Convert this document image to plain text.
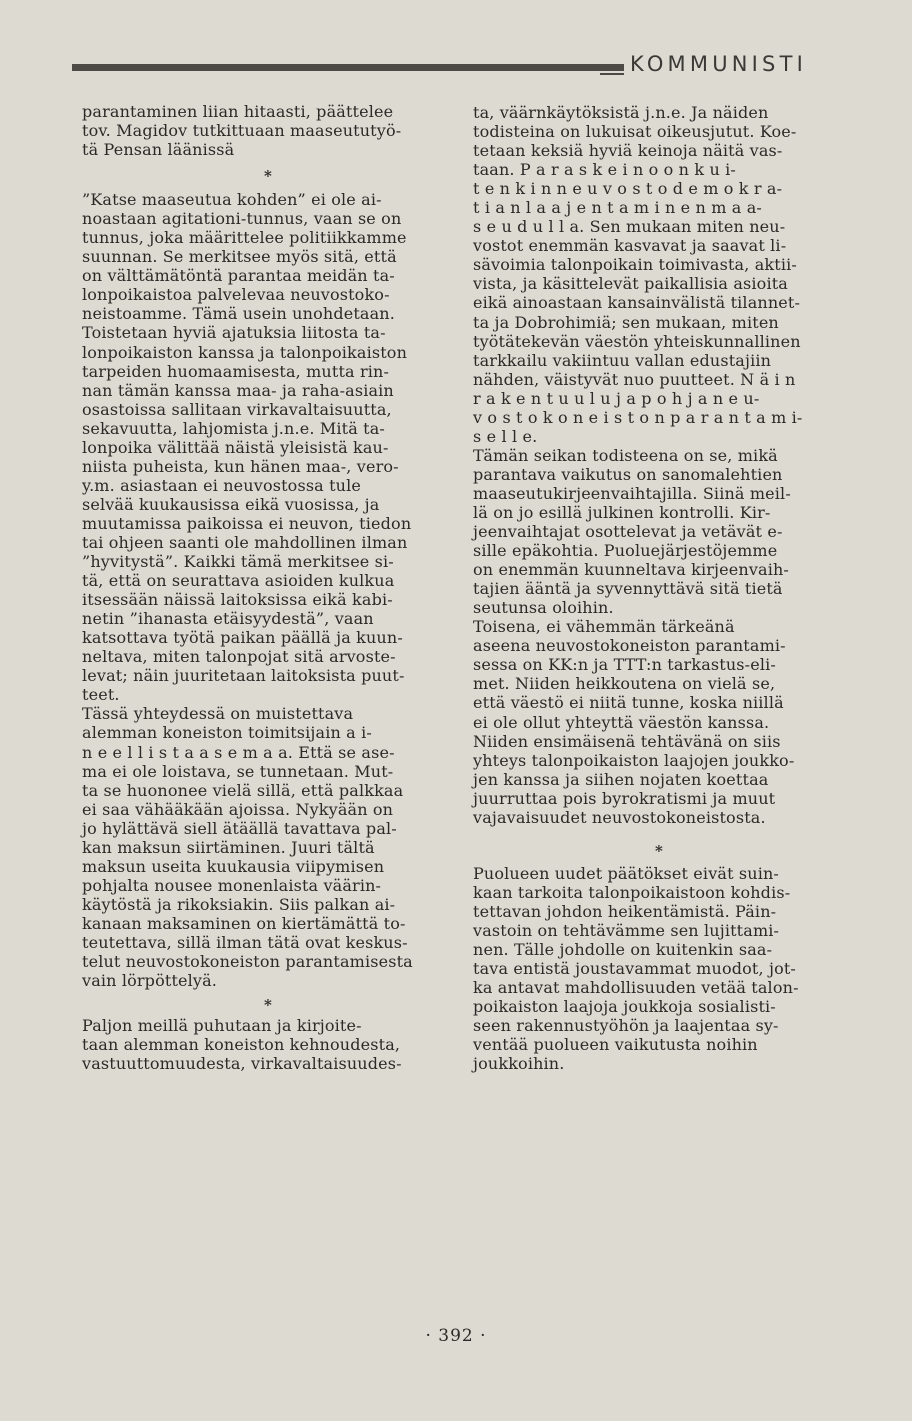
KOMMUNISTI

parantaminen liian hitaasti, päättelee
tov. Magidov tutkittuaan maaseututyö-
tä Pensan läänissä

*

”Katse maaseutua kohden” ei ole ai-
noastaan agitationi-tunnus, vaan se on
tunnus, joka määrittelee politiikkamme
suunnan. Se merkitsee myös sitä, että
on välttämätöntä parantaa meidän ta-
lonpoikaistoa palvelevaa neuvostoko-
neistoamme. Tämä usein unohdetaan.
Toistetaan hyviä ajatuksia liitosta ta-
lonpoikaiston kanssa ja talonpoikaiston
tarpeiden huomaamisesta, mutta rin-
nan tämän kanssa maa- ja raha-asiain
osastoissa sallitaan virkavaltaisuutta,
sekavuutta, lahjomista j.n.e. Mitä ta-
lonpoika välittää näistä yleisistä kau-
niista puheista, kun hänen maa-, vero-
y.m. asiastaan ei neuvostossa tule
selvää kuukausissa eikä vuosissa, ja
muutamissa paikoissa ei neuvon, tiedon
tai ohjeen saanti ole mahdollinen ilman
”hyvitystä”. Kaikki tämä merkitsee si-
tä, että on seurattava asioiden kulkua
itsessään näissä laitoksissa eikä kabi-
netin ”ihanasta etäisyydestä”, vaan
katsottava työtä paikan päällä ja kuun-
neltava, miten talonpojat sitä arvoste-
levat; näin juuritetaan laitoksista puut-
teet.

Tässä yhteydessä on muistettava
alemman koneiston toimitsijain a i-
n e e l l i s t a a s e m a a. Että se ase-
ma ei ole loistava, se tunnetaan. Mut-
ta se huononee vielä sillä, että palkkaa
ei saa vähääkään ajoissa. Nykyään on
jo hylättävä siell ätäällä tavattava pal-
kan maksun siirtäminen. Juuri tältä
maksun useita kuukausia viipymisen
pohjalta nousee monenlaista väärin-
käytöstä ja rikoksiakin. Siis palkan ai-
kanaan maksaminen on kiertämättä to-
teutettava, sillä ilman tätä ovat keskus-
telut neuvostokoneiston parantamisesta
vain lörpöttelyä.

*

Paljon meillä puhutaan ja kirjoite-
taan alemman koneiston kehnoudesta,
vastuuttomuudesta, virkavaltaisuudes-

ta, väärnkäytöksistä j.n.e. Ja näiden
todisteina on lukuisat oikeusjutut. Koe-
tetaan keksiä hyviä keinoja näitä vas-
taan. P a r a s k e i n o o n k u i-
t e n k i n n e u v o s t o d e m o k r a-
t i a n l a a j e n t a m i n e n m a a-
s e u d u l l a. Sen mukaan miten neu-
vostot enemmän kasvavat ja saavat li-
sävoimia talonpoikain toimivasta, aktii-
vista, ja käsittelevät paikallisia asioita
eikä ainoastaan kansainvälistä tilannet-
ta ja Dobrohimiä; sen mukaan, miten
työtätekevän väestön yhteiskunnallinen
tarkkailu vakiintuu vallan edustajiin
nähden, väistyvät nuo puutteet. N ä i n
r a k e n t u u l u j a p o h j a n e u-
v o s t o k o n e i s t o n p a r a n t a m i-
s e l l e.

Tämän seikan todisteena on se, mikä
parantava vaikutus on sanomalehtien
maaseutukirjeenvaihtajilla. Siinä meil-
lä on jo esillä julkinen kontrolli. Kir-
jeenvaihtajat osottelevat ja vetävät e-
sille epäkohtia. Puoluejärjestöjemme
on enemmän kuunneltava kirjeenvaih-
tajien ääntä ja syvennyttävä sitä tietä
seutunsa oloihin.

Toisena, ei vähemmän tärkeänä
aseena neuvostokoneiston parantami-
sessa on KK:n ja TTT:n tarkastus-eli-
met. Niiden heikkoutena on vielä se,
että väestö ei niitä tunne, koska niillä
ei ole ollut yhteyttä väestön kanssa.
Niiden ensimäisenä tehtävänä on siis
yhteys talonpoikaiston laajojen joukko-
jen kanssa ja siihen nojaten koettaa
juurruttaa pois byrokratismi ja muut
vajavaisuudet neuvostokoneistosta.

*

Puolueen uudet päätökset eivät suin-
kaan tarkoita talonpoikaistoon kohdis-
tettavan johdon heikentämistä. Päin-
vastoin on tehtävämme sen lujittami-
nen. Tälle johdolle on kuitenkin saa-
tava entistä joustavammat muodot, jot-
ka antavat mahdollisuuden vetää talon-
poikaiston laajoja joukkoja sosialisti-
seen rakennustyöhön ja laajentaa sy-
ventää puolueen vaikutusta noihin
joukkoihin.

· 392 ·
